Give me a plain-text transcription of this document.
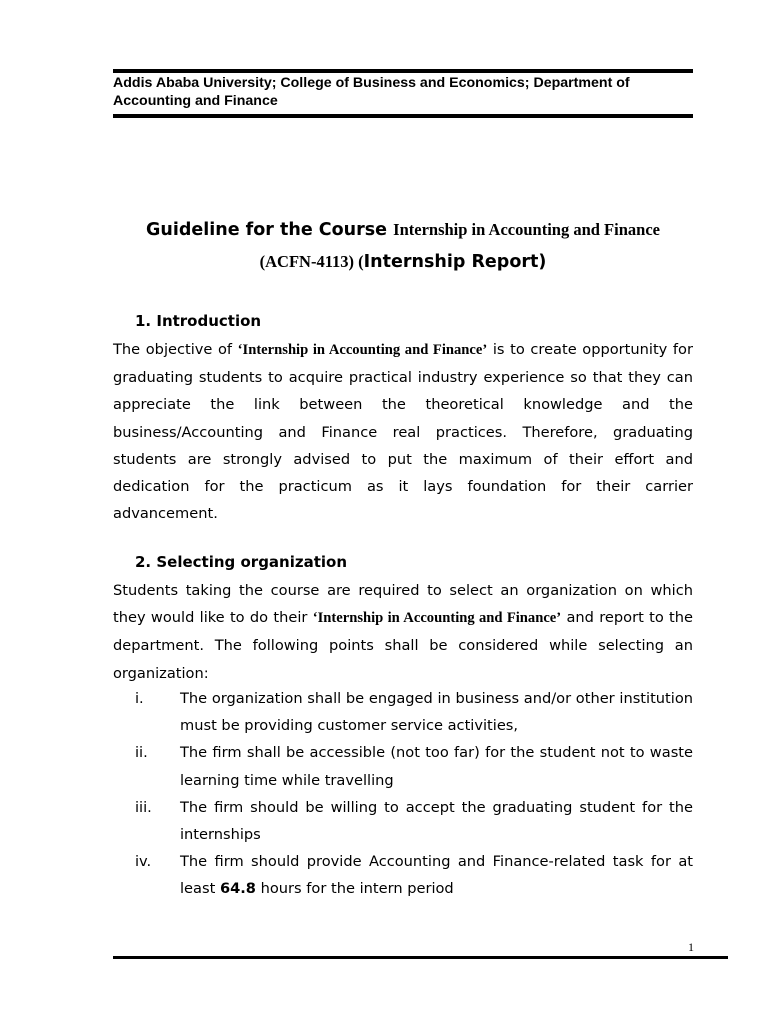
Addis Ababa University; College of Business and Economics; Department of Accounting and Finance

Guideline for the Course Internship in Accounting and Finance

(ACFN-4113) (Internship Report)

1. Introduction

The objective of ‘Internship in Accounting and Finance’ is to create opportunity for graduating students to acquire practical industry experience so that they can appreciate the link between the theoretical knowledge and the business/Accounting and Finance real practices. Therefore, graduating students are strongly advised to put the maximum of their effort and dedication for the practicum as it lays foundation for their carrier advancement.

2. Selecting organization

Students taking the course are required to select an organization on which they would like to do their ‘Internship in Accounting and Finance’ and report to the department. The following points shall be considered while selecting an organization:

i. The organization shall be engaged in business and/or other institution must be providing customer service activities,
ii. The firm shall be accessible (not too far) for the student not to waste learning time while travelling
iii. The firm should be willing to accept the graduating student for the internships
iv. The firm should provide Accounting and Finance-related task for at least 64.8 hours for the intern period
1
